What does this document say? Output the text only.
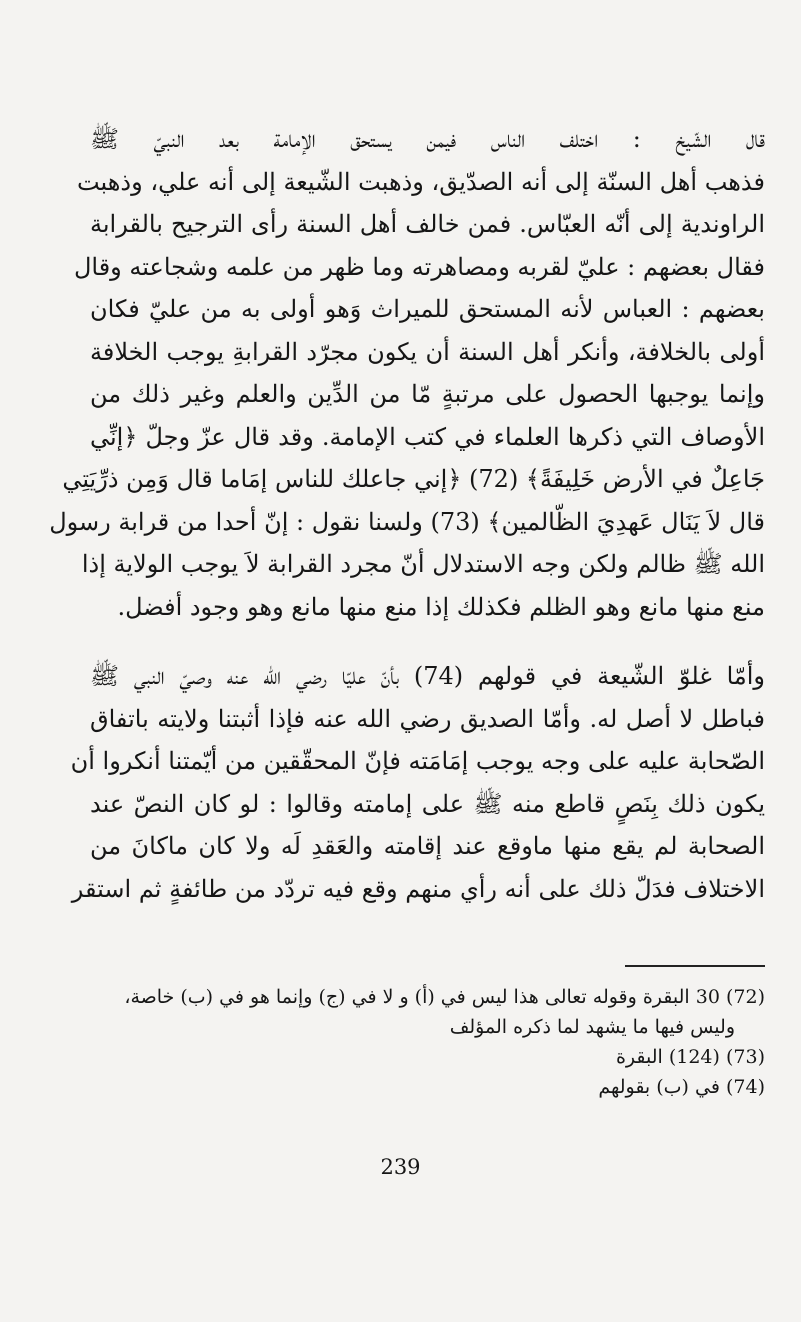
قال الشّيخ : اختلف الناس فيمن يستحق الإمامة بعد النبيّ ﷺ
فذهب أهل السنّة إلى أنه الصدّيق، وذهبت الشّيعة إلى أنه علي، وذهبت
الراوندية إلى أنّه العبّاس. فمن خالف أهل السنة رأى الترجيح بالقرابة
فقال بعضهم : عليّ لقربه ومصاهرته وما ظهر من علمه وشجاعته وقال
بعضهم : العباس لأنه المستحق للميراث وَهو أولى به من عليّ فكان
أولى بالخلافة، وأنكر أهل السنة أن يكون مجرّد القرابةِ يوجب الخلافة
وإنما يوجبها الحصول على مرتبةٍ مّا من الدِّين والعلم وغير ذلك من
الأوصاف التي ذكرها العلماء في كتب الإمامة. وقد قال عزّ وجلّ ﴿إنِّي
جَاعِلٌ في الأرض خَلِيفَةً﴾ (72) ﴿إني جاعلك للناس إمَاما قال وَمِن ذرِّيَتِي
قال لاَ يَنَال عَهدِيَ الظّالمين﴾ (73) ولسنا نقول : إنّ أحدا من قرابة رسول
الله ﷺ ظالم ولكن وجه الاستدلال أنّ مجرد القرابة لاَ يوجب الولاية إذا
منع منها مانع وهو الظلم فكذلك إذا منع منها مانع وهو وجود أفضل.
وأمّا غلوّ الشّيعة في قولهم (74) بأنّ عليّا رضي الله عنه وصيّ النبي ﷺ
فباطل لا أصل له. وأمّا الصديق رضي الله عنه فإذا أثبتنا ولايته باتفاق
الصّحابة عليه على وجه يوجب إمَامَته فإنّ المحقّقين من أيّمتنا أنكروا أن
يكون ذلك بِنَصٍ قاطع منه ﷺ على إمامته وقالوا : لو كان النصّ عند
الصحابة لم يقع منها ماوقع عند إقامته والعَقدِ لَه ولا كان ماكانَ من
الاختلاف فدَلّ ذلك على أنه رأي منهم وقع فيه تردّد من طائفةٍ ثم استقر
(72) 30 البقرة وقوله تعالى هذا ليس في (أ) و لا في (ج) وإنما هو في (ب) خاصة،
وليس فيها ما يشهد لما ذكره المؤلف
(73) (124) البقرة
(74) في (ب) بقولهم
239
